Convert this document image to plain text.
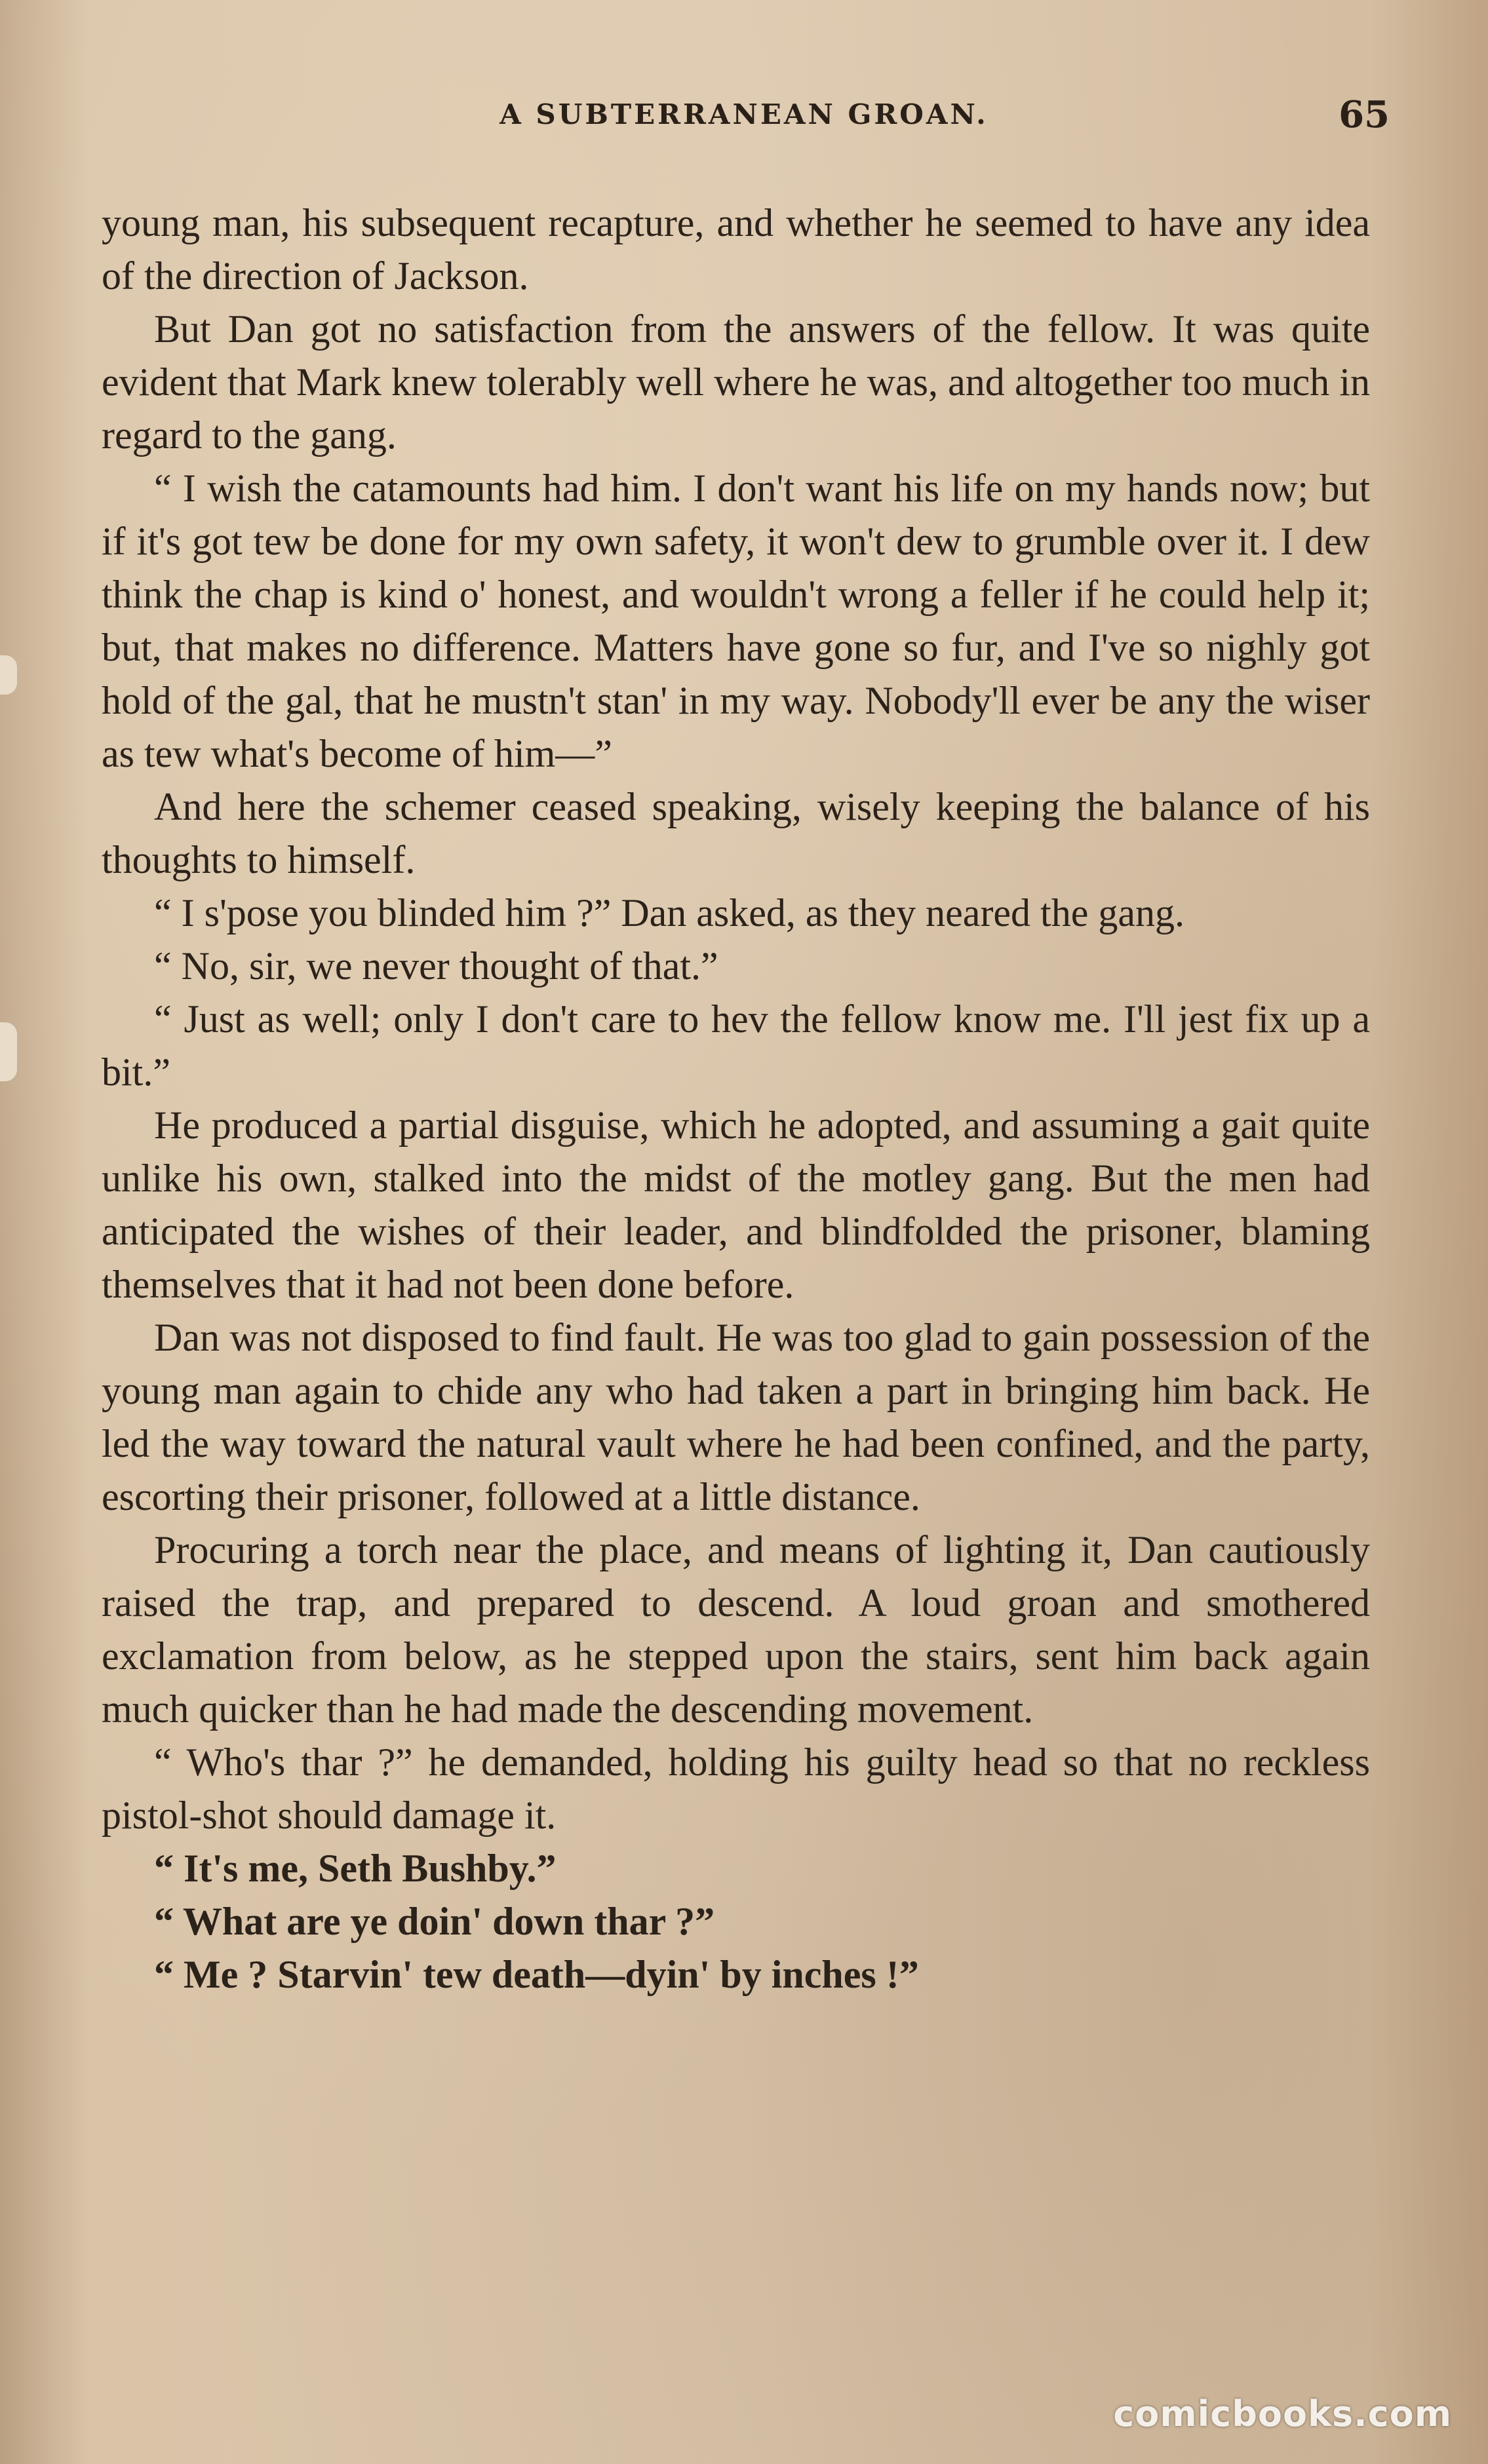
A SUBTERRANEAN GROAN.	65

young man, his subsequent recapture, and whether he seemed to have any idea of the direction of Jackson.

But Dan got no satisfaction from the answers of the fellow. It was quite evident that Mark knew tolerably well where he was, and altogether too much in regard to the gang.

“ I wish the catamounts had him. I don't want his life on my hands now; but if it's got tew be done for my own safety, it won't dew to grumble over it. I dew think the chap is kind o' honest, and wouldn't wrong a feller if he could help it; but, that makes no difference. Matters have gone so fur, and I've so nighly got hold of the gal, that he mustn't stan' in my way. Nobody'll ever be any the wiser as tew what's become of him—”

And here the schemer ceased speaking, wisely keeping the balance of his thoughts to himself.

“ I s'pose you blinded him ?” Dan asked, as they neared the gang.

“ No, sir, we never thought of that.”

“ Just as well; only I don't care to hev the fellow know me. I'll jest fix up a bit.”

He produced a partial disguise, which he adopted, and assuming a gait quite unlike his own, stalked into the midst of the motley gang. But the men had anticipated the wishes of their leader, and blindfolded the prisoner, blaming themselves that it had not been done before.

Dan was not disposed to find fault. He was too glad to gain possession of the young man again to chide any who had taken a part in bringing him back. He led the way toward the natural vault where he had been confined, and the party, escorting their prisoner, followed at a little distance.

Procuring a torch near the place, and means of lighting it, Dan cautiously raised the trap, and prepared to descend. A loud groan and smothered exclamation from below, as he stepped upon the stairs, sent him back again much quicker than he had made the descending movement.

“ Who's thar ?” he demanded, holding his guilty head so that no reckless pistol-shot should damage it.

“ It's me, Seth Bushby.”

“ What are ye doin' down thar ?”

“ Me ? Starvin' tew death—dyin' by inches !”

comicbooks.com
